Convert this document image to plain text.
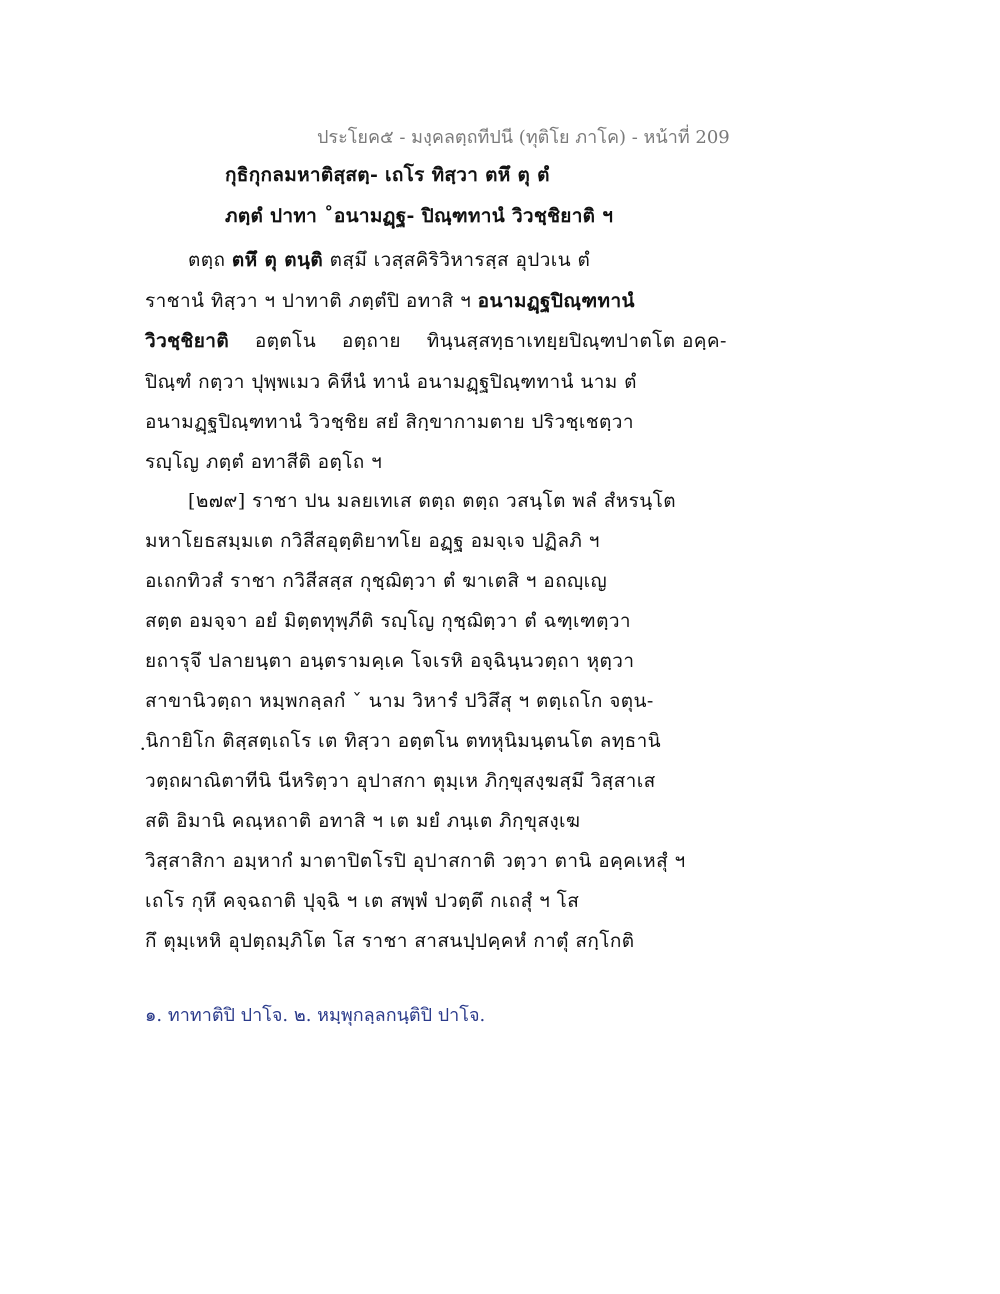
ประโยค๕ - มงฺคลตฺถทีปนี (ทุติโย ภาโค) - หน้าที่ 209
กุธิกุกลมหาติสฺสตฺ- เถโร ทิสฺวา ตหึ ตุ ตํ
ภตฺตํ ปาทา ˚อนามฏฺฐ- ปิณฺฑทานํ วิวชฺชิยาติ ฯ
ตตฺถ ตหึ ตุ ตนฺติ ตสฺมึ เวสฺสคิริวิหารสฺส อุปวเน ตํ
ราชานํ ทิสฺวา ฯ ปาทาติ ภตฺตํปิ อทาสิ ฯ อนามฏฺฐปิณฺฑทานํ
วิวชฺชิยาติ    อตฺตโน    อตฺถาย    ทินฺนสฺสทฺธาเทยฺยปิณฺฑปาตโต อคฺค-
ปิณฺฑํ กตฺวา ปุพฺพเมว คิหีนํ ทานํ อนามฏฺฐปิณฺฑทานํ นาม ตํ
อนามฏฺฐปิณฺฑทานํ วิวชฺชิย สยํ สิกฺขากามตาย ปริวชฺเชตฺวา
รญฺโญ ภตฺตํ อทาสีติ อตฺโถ ฯ
[๒๗๙] ราชา ปน มลยเทเส ตตฺถ ตตฺถ วสนฺโต พลํ สํหรนฺโต
มหาโยธสมฺมเต กวิสีสอุตฺติยาทโย อฏฺฐ อมจฺเจ ปฏิลภิ ฯ
อเถกทิวสํ ราชา กวิสีสสฺส กุชฺฌิตฺวา ตํ ฆาเตสิ ฯ อถญฺเญ
สตฺต อมจฺจา อยํ มิตฺตทุพฺภีติ รญฺโญ กุชฺฌิตฺวา ตํ ฉฑฺเฑตฺวา
ยถารุจึ ปลายนฺตา อนฺตรามคฺเค โจเรหิ อจฺฉินฺนวตฺถา หุตฺวา
สาขานิวตฺถา หมฺพกลฺลกํ ˇ นาม วิหารํ ปวิสึสุ ฯ ตตฺเถโก จตุน-
ฺนิกายิโก ติสฺสตฺเถโร เต ทิสฺวา อตฺตโน ตทหุนิมนฺตนโต ลทฺธานิ
วตฺถผาณิตาทีนิ นีหริตฺวา อุปาสกา ตุมฺเห ภิกฺขุสงฺฆสฺมึ วิสฺสาเส
สติ อิมานิ คณฺหถาติ อทาสิ ฯ เต มยํ ภนฺเต ภิกฺขุสงฺเฆ
วิสฺสาสิกา อมฺหากํ มาตาปิตโรปิ อุปาสกาติ วตฺวา ตานิ อคฺคเหสุํ ฯ
เถโร กุหึ คจฺฉถาติ ปุจฺฉิ ฯ เต สพฺพํ ปวตฺตึ กเถสุํ ฯ โส
กึ ตุมฺเหหิ อุปตฺถมฺภิโต โส ราชา สาสนปฺปคฺคหํ กาตุํ สกฺโกติ
๑. ทาทาติปิ ปาโจ. ๒. หมฺพุกลฺลกนฺติปิ ปาโจ.
